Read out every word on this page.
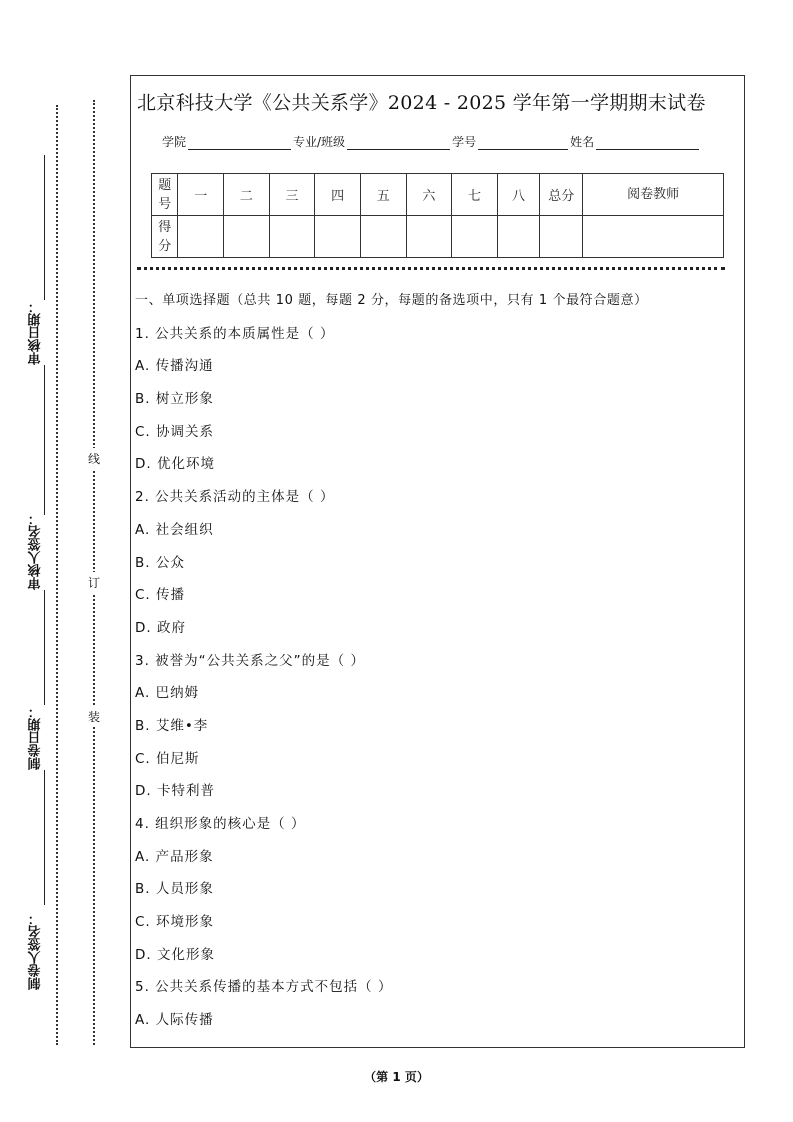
审核日期：
审核人签名：
制卷日期：
制卷人签名：
线
订
装
北京科技大学《公共关系学》2024 - 2025 学年第一学期期末试卷
学院	专业/班级	学号	姓名
题号	一	二	三	四	五	六	七	八	总分	阅卷教师
得分										
一、单项选择题（总共 10 题，每题 2 分，每题的备选项中，只有 1 个最符合题意）
1. 公共关系的本质属性是（ ）
A. 传播沟通
B. 树立形象
C. 协调关系
D. 优化环境
2. 公共关系活动的主体是（ ）
A. 社会组织
B. 公众
C. 传播
D. 政府
3. 被誉为“公共关系之父”的是（ ）
A. 巴纳姆
B. 艾维•李
C. 伯尼斯
D. 卡特利普
4. 组织形象的核心是（ ）
A. 产品形象
B. 人员形象
C. 环境形象
D. 文化形象
5. 公共关系传播的基本方式不包括（ ）
A. 人际传播
（第 1 页）
